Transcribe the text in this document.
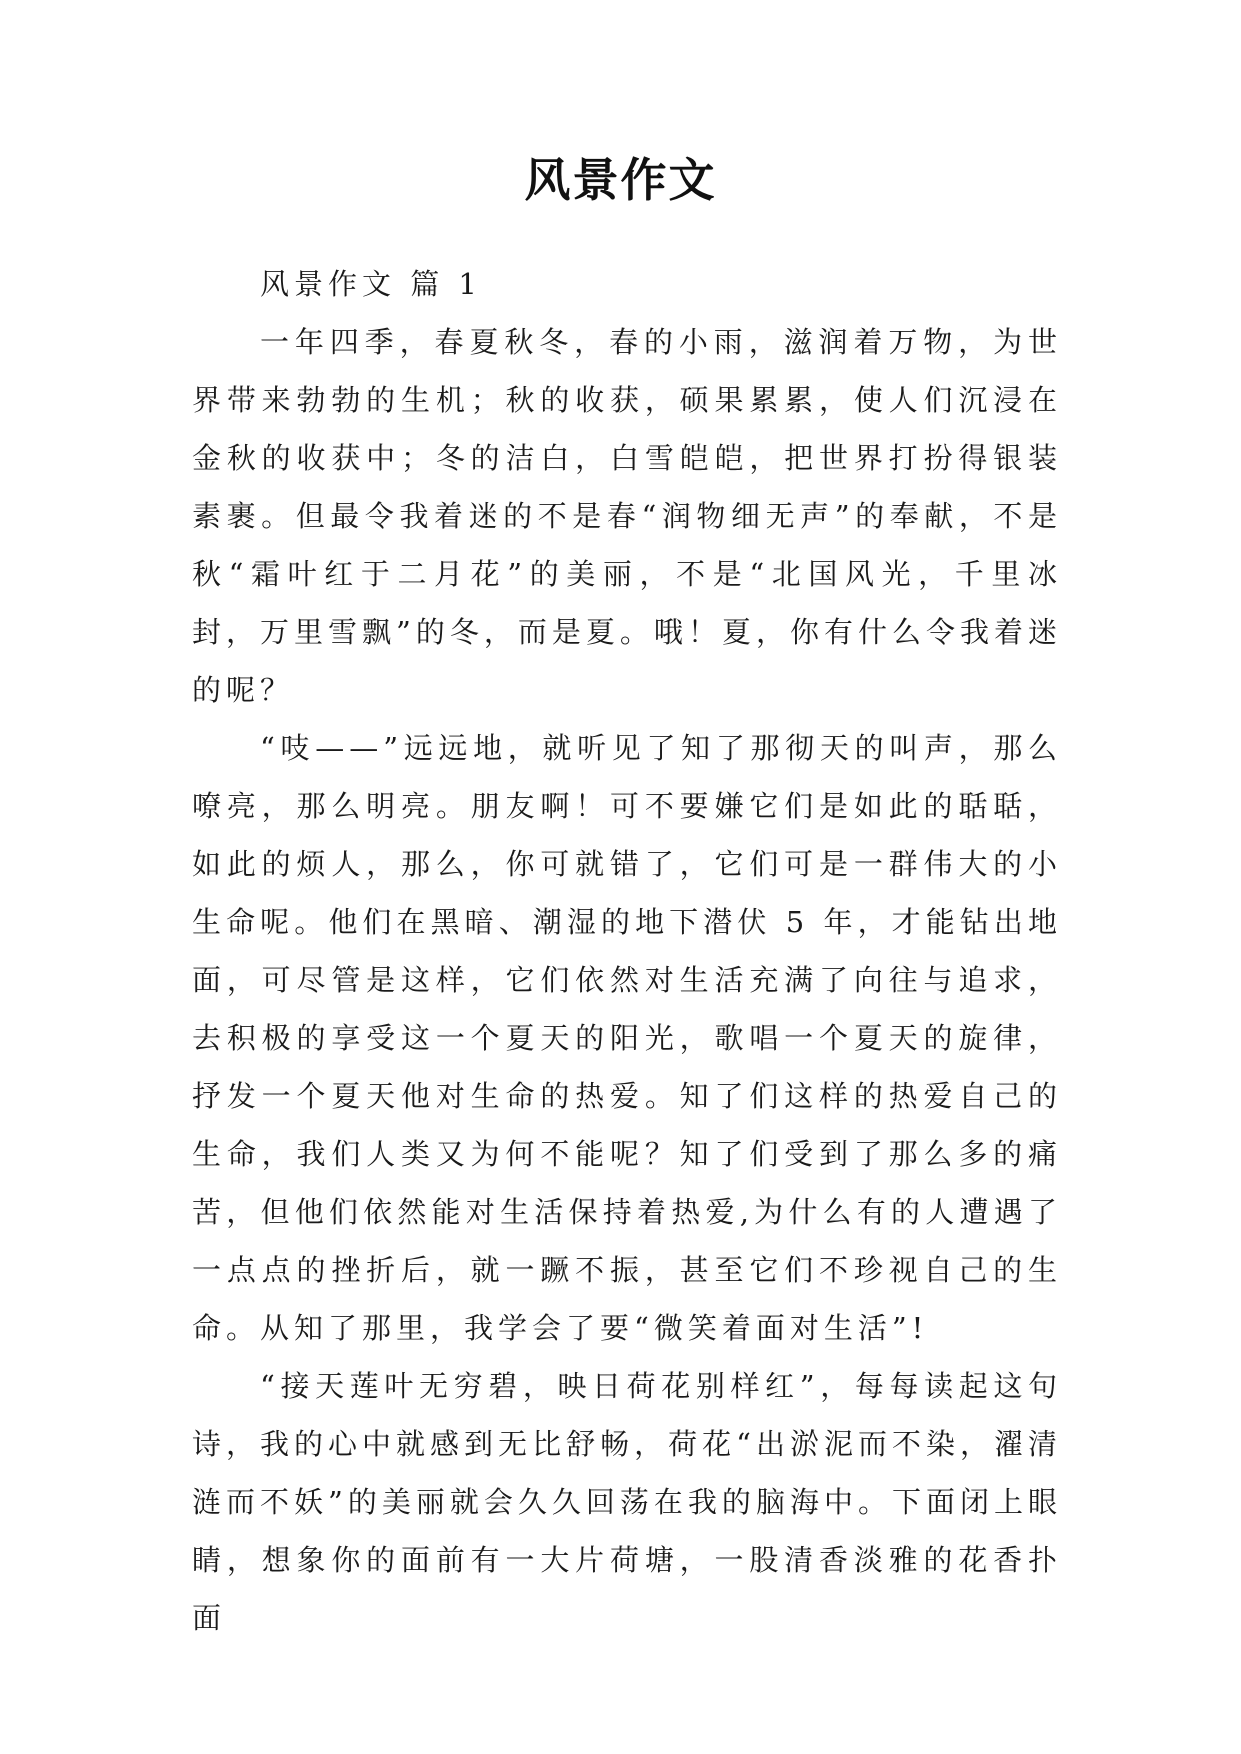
风景作文

风景作文 篇 1

一年四季，春夏秋冬，春的小雨，滋润着万物，为世界带来勃勃的生机；秋的收获，硕果累累，使人们沉浸在金秋的收获中；冬的洁白，白雪皑皑，把世界打扮得银装素裹。但最令我着迷的不是春“润物细无声”的奉献，不是秋“霜叶红于二月花”的美丽，不是“北国风光，千里冰封，万里雪飘”的冬，而是夏。哦！夏，你有什么令我着迷的呢？

“吱——”远远地，就听见了知了那彻天的叫声，那么嘹亮，那么明亮。朋友啊！可不要嫌它们是如此的聒聒，如此的烦人，那么，你可就错了，它们可是一群伟大的小生命呢。他们在黑暗、潮湿的地下潜伏 5 年，才能钻出地面，可尽管是这样，它们依然对生活充满了向往与追求，去积极的享受这一个夏天的阳光，歌唱一个夏天的旋律，抒发一个夏天他对生命的热爱。知了们这样的热爱自己的生命，我们人类又为何不能呢？知了们受到了那么多的痛苦，但他们依然能对生活保持着热爱,为什么有的人遭遇了一点点的挫折后，就一蹶不振，甚至它们不珍视自己的生命。从知了那里，我学会了要“微笑着面对生活”!

“接天莲叶无穷碧，映日荷花别样红”，每每读起这句诗，我的心中就感到无比舒畅，荷花“出淤泥而不染，濯清涟而不妖”的美丽就会久久回荡在我的脑海中。下面闭上眼睛，想象你的面前有一大片荷塘，一股清香淡雅的花香扑面
